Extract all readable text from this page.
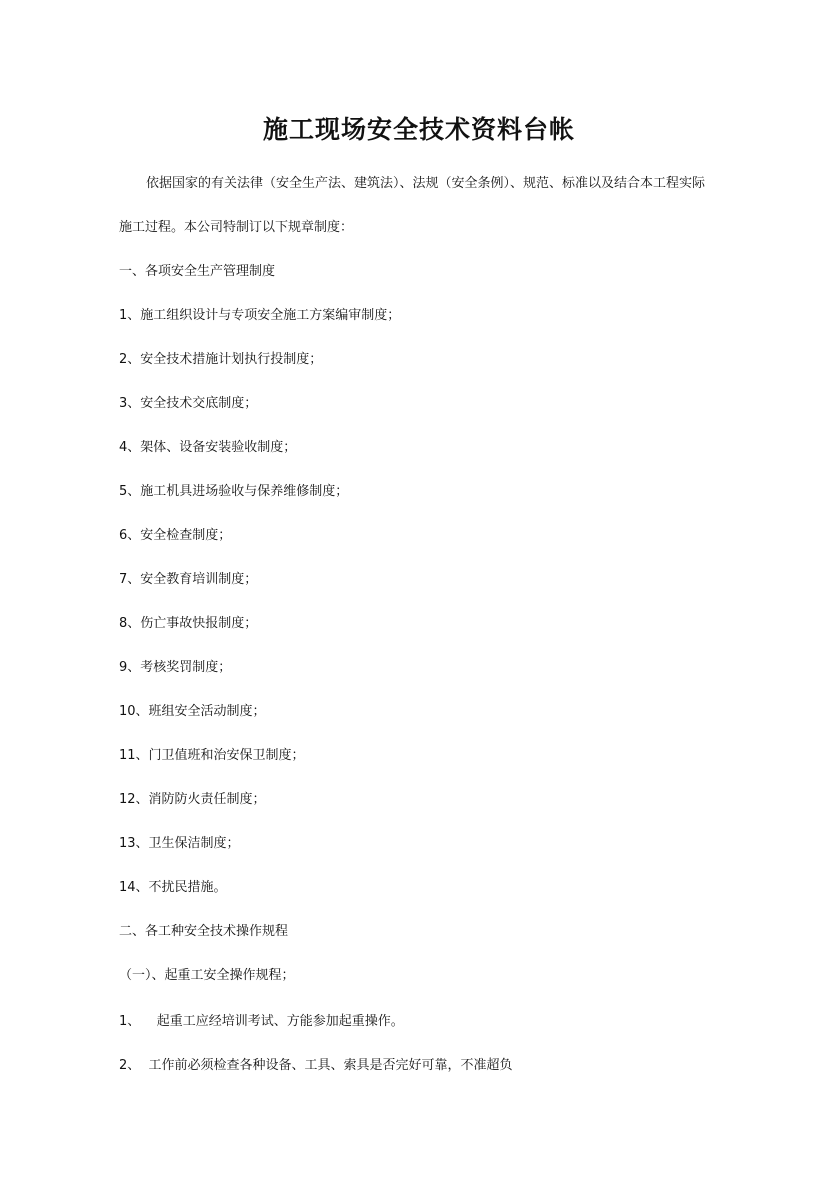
施工现场安全技术资料台帐
依据国家的有关法律（安全生产法、建筑法）、法规（安全条例）、规范、标准以及结合本工程实际
施工过程。本公司特制订以下规章制度：
一、各项安全生产管理制度
1、施工组织设计与专项安全施工方案编审制度；
2、安全技术措施计划执行投制度；
3、安全技术交底制度；
4、架体、设备安装验收制度；
5、施工机具进场验收与保养维修制度；
6、安全检查制度；
7、安全教育培训制度；
8、伤亡事故快报制度；
9、考核奖罚制度；
10、班组安全活动制度；
11、门卫值班和治安保卫制度；
12、消防防火责任制度；
13、卫生保洁制度；
14、不扰民措施。
二、各工种安全技术操作规程
（一）、起重工安全操作规程；
1、    起重工应经培训考试、方能参加起重操作。
2、  工作前必须检查各种设备、工具、索具是否完好可靠，不准超负
